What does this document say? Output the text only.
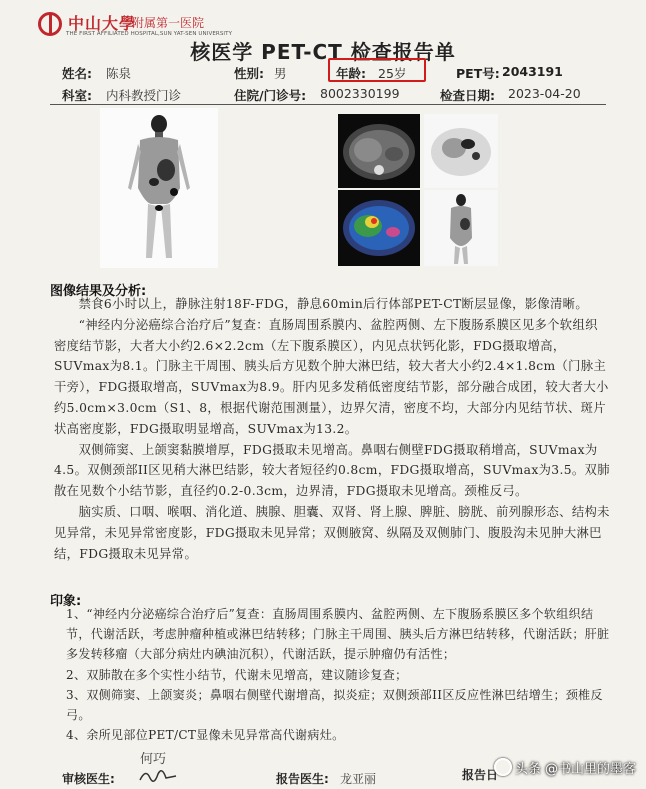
中山大學
附属第一医院
THE FIRST AFFILIATED HOSPITAL,SUN YAT-SEN UNIVERSITY
核医学 PET-CT 检查报告单
姓名: 陈泉	性别: 男	年龄: 25岁	PET号: 2043191
科室: 内科教授门诊	住院/门诊号: 8002330199	检查日期: 2023-04-20
图像结果及分析:

禁食6小时以上，静脉注射18F-FDG，静息60min后行体部PET-CT断层显像，影像清晰。

“神经内分泌癌综合治疗后”复查：直肠周围系膜内、盆腔两侧、左下腹肠系膜区见多个软组织密度结节影，大者大小约2.6×2.2cm（左下腹系膜区），内见点状钙化影，FDG摄取增高，SUVmax为8.1。门脉主干周围、胰头后方见数个肿大淋巴结，较大者大小约2.4×1.8cm（门脉主干旁），FDG摄取增高，SUVmax为8.9。肝内见多发稍低密度结节影，部分融合成团，较大者大小约5.0cm×3.0cm（S1、8，根据代谢范围测量），边界欠清，密度不均，大部分内见结节状、斑片状高密度影，FDG摄取明显增高，SUVmax为13.2。

双侧筛窦、上颌窦黏膜增厚，FDG摄取未见增高。鼻咽右侧壁FDG摄取稍增高，SUVmax为4.5。双侧颈部II区见稍大淋巴结影，较大者短径约0.8cm，FDG摄取增高，SUVmax为3.5。双肺散在见数个小结节影，直径约0.2-0.3cm，边界清，FDG摄取未见增高。颈椎反弓。

脑实质、口咽、喉咽、消化道、胰腺、胆囊、双肾、肾上腺、脾脏、膀胱、前列腺形态、结构未见异常，未见异常密度影，FDG摄取未见异常；双侧腋窝、纵隔及双侧肺门、腹股沟未见肿大淋巴结，FDG摄取未见异常。

印象:

1、“神经内分泌癌综合治疗后”复查：直肠周围系膜内、盆腔两侧、左下腹肠系膜区多个软组织结节，代谢活跃，考虑肿瘤种植或淋巴结转移；门脉主干周围、胰头后方淋巴结转移，代谢活跃；肝脏多发转移瘤（大部分病灶内碘油沉积），代谢活跃，提示肿瘤仍有活性；

2、双肺散在多个实性小结节，代谢未见增高，建议随诊复查；

3、双侧筛窦、上颌窦炎；鼻咽右侧壁代谢增高，拟炎症；双侧颈部II区反应性淋巴结增生；颈椎反弓。

4、余所见部位PET/CT显像未见异常高代谢病灶。

审核医生:
何巧
报告医生: 龙亚丽	报告日	头条 @书山里的墨客
